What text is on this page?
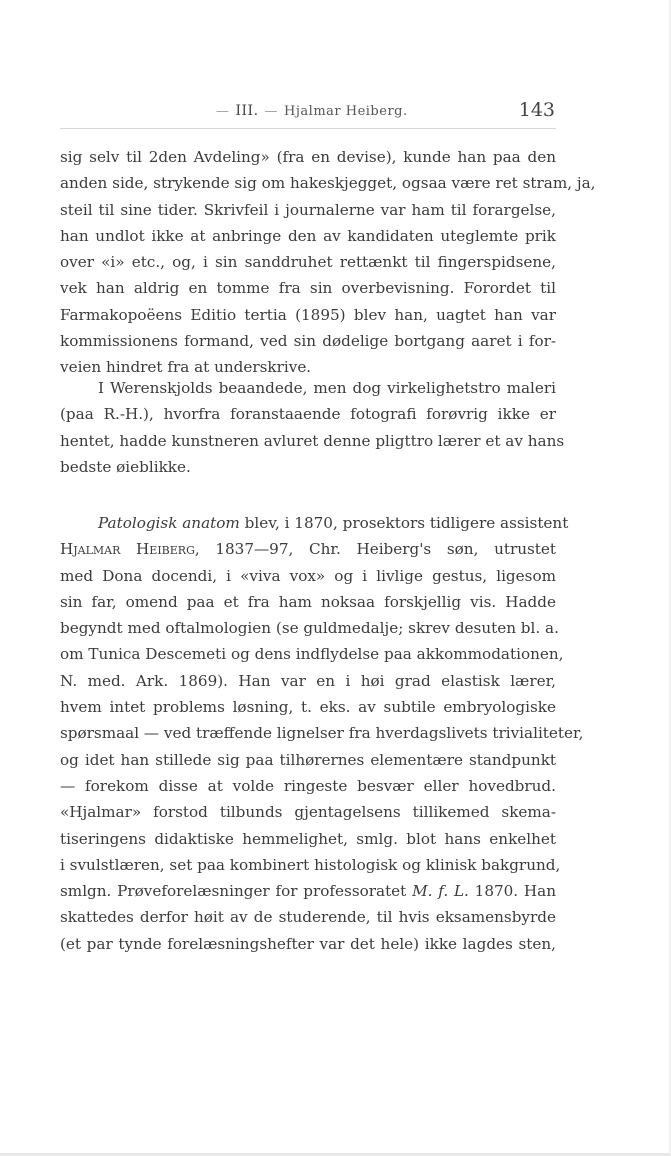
— III. — Hjalmar Heiberg.	143
sig selv til 2den Avdeling» (fra en devise), kunde han paa den
anden side, strykende sig om hakeskjegget, ogsaa være ret stram, ja,
steil til sine tider. Skrivfeil i journalerne var ham til forargelse,
han undlot ikke at anbringe den av kandidaten uteglemte prik
over «i» etc., og, i sin sanddruhet rettænkt til fingerspidsene,
vek han aldrig en tomme fra sin overbevisning. Forordet til
Farmakopoëens Editio tertia (1895) blev han, uagtet han var
kommissionens formand, ved sin dødelige bortgang aaret i for-
veien hindret fra at underskrive.
I Werenskjolds beaandede, men dog virkelighetstro maleri
(paa R.-H.), hvorfra foranstaaende fotografi forøvrig ikke er
hentet, hadde kunstneren avluret denne pligttro lærer et av hans
bedste øieblikke.
Patologisk anatom blev, i 1870, prosektors tidligere assistent
Hjalmar Heiberg, 1837—97, Chr. Heiberg's søn, utrustet
med Dona docendi, i «viva vox» og i livlige gestus, ligesom
sin far, omend paa et fra ham noksaa forskjellig vis. Hadde
begyndt med oftalmologien (se guldmedalje; skrev desuten bl. a.
om Tunica Descemeti og dens indflydelse paa akkommodationen,
N. med. Ark. 1869). Han var en i høi grad elastisk lærer,
hvem intet problems løsning, t. eks. av subtile embryologiske
spørsmaal — ved træffende lignelser fra hverdagslivets trivialiteter,
og idet han stillede sig paa tilhørernes elementære standpunkt
— forekom disse at volde ringeste besvær eller hovedbrud.
«Hjalmar» forstod tilbunds gjentagelsens tillikemed skema-
tiseringens didaktiske hemmelighet, smlg. blot hans enkelhet
i svulstlæren, set paa kombinert histologisk og klinisk bakgrund,
smlgn. Prøveforelæsninger for professoratet M. f. L. 1870. Han
skattedes derfor høit av de studerende, til hvis eksamensbyrde
(et par tynde forelæsningshefter var det hele) ikke lagdes sten,
